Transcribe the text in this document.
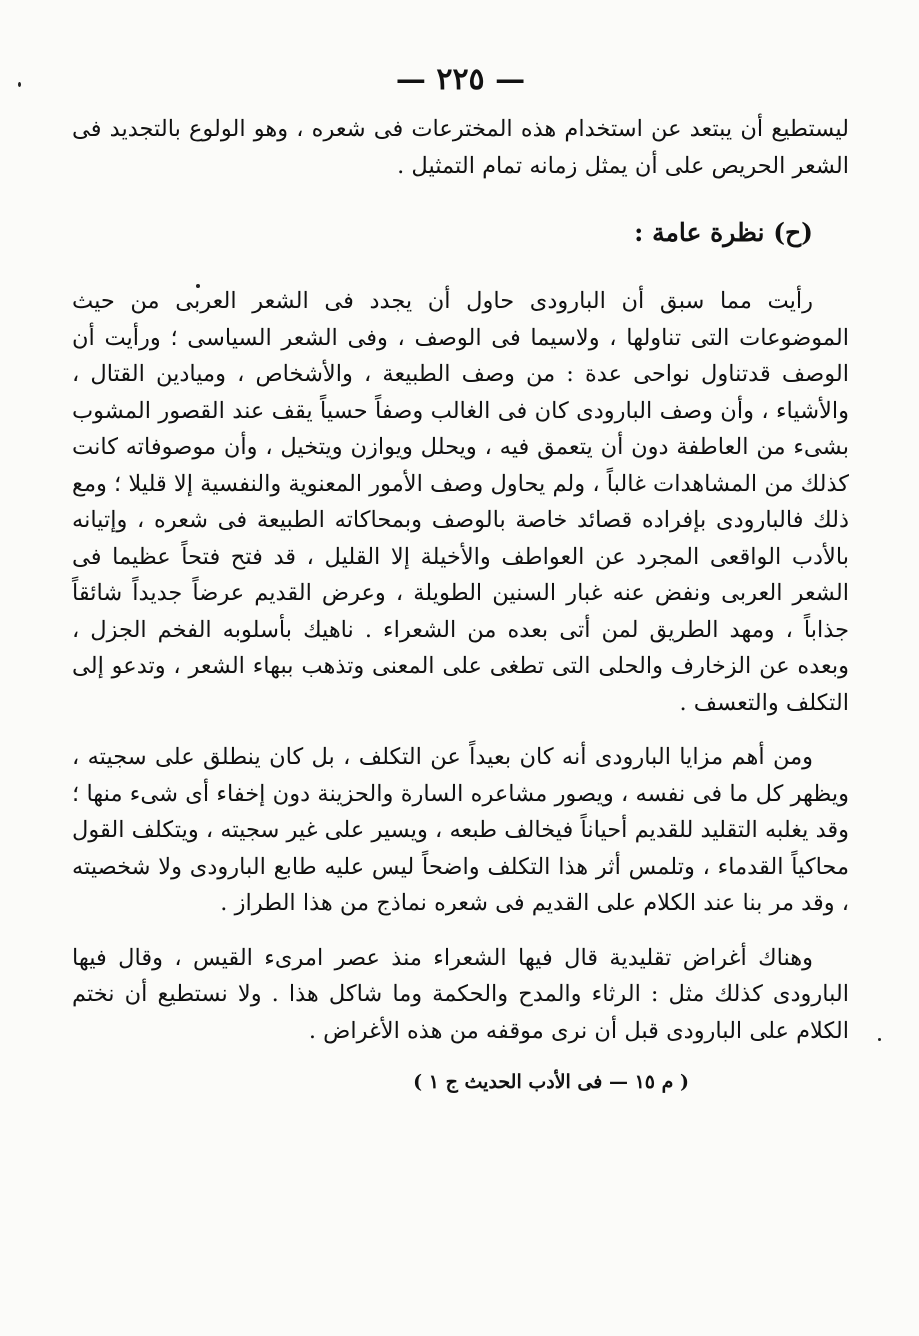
— ٢٢٥ —

ليستطيع أن يبتعد عن استخدام هذه المخترعات فى شعره ، وهو الولوع بالتجديد فى الشعر الحريص على أن يمثل زمانه تمام التمثيل .

(ح) نظرة عامة :

رأيت مما سبق أن البارودى حاول أن يجدد فى الشعر العربى من حيث الموضوعات التى تناولها ، ولاسيما فى الوصف ، وفى الشعر السياسى ؛ ورأيت أن الوصف قدتناول نواحى عدة : من وصف الطبيعة ، والأشخاص ، وميادين القتال ، والأشياء ، وأن وصف البارودى كان فى الغالب وصفاً حسياً يقف عند القصور المشوب بشىء من العاطفة دون أن يتعمق فيه ، ويحلل ويوازن ويتخيل ، وأن موصوفاته كانت كذلك من المشاهدات غالباً ، ولم يحاول وصف الأمور المعنوية والنفسية إلا قليلا ؛ ومع ذلك فالبارودى بإفراده قصائد خاصة بالوصف وبمحاكاته الطبيعة فى شعره ، وإتيانه بالأدب الواقعى المجرد عن العواطف والأخيلة إلا القليل ، قد فتح فتحاً عظيما فى الشعر العربى ونفض عنه غبار السنين الطويلة ، وعرض القديم عرضاً جديداً شائقاً جذاباً ، ومهد الطريق لمن أتى بعده من الشعراء . ناهيك بأسلوبه الفخم الجزل ، وبعده عن الزخارف والحلى التى تطغى على المعنى وتذهب ببهاء الشعر ، وتدعو إلى التكلف والتعسف .

ومن أهم مزايا البارودى أنه كان بعيداً عن التكلف ، بل كان ينطلق على سجيته ، ويظهر كل ما فى نفسه ، ويصور مشاعره السارة والحزينة دون إخفاء أى شىء منها ؛ وقد يغلبه التقليد للقديم أحياناً فيخالف طبعه ، ويسير على غير سجيته ، ويتكلف القول محاكياً القدماء ، وتلمس أثر هذا التكلف واضحاً ليس عليه طابع البارودى ولا شخصيته ، وقد مر بنا عند الكلام على القديم فى شعره نماذج من هذا الطراز .

وهناك أغراض تقليدية قال فيها الشعراء منذ عصر امرىء القيس ، وقال فيها البارودى كذلك مثل : الرثاء والمدح والحكمة وما شاكل هذا . ولا نستطيع أن نختم الكلام على البارودى قبل أن نرى موقفه من هذه الأغراض .

( م ١٥ — فى الأدب الحديث ج ١ )
